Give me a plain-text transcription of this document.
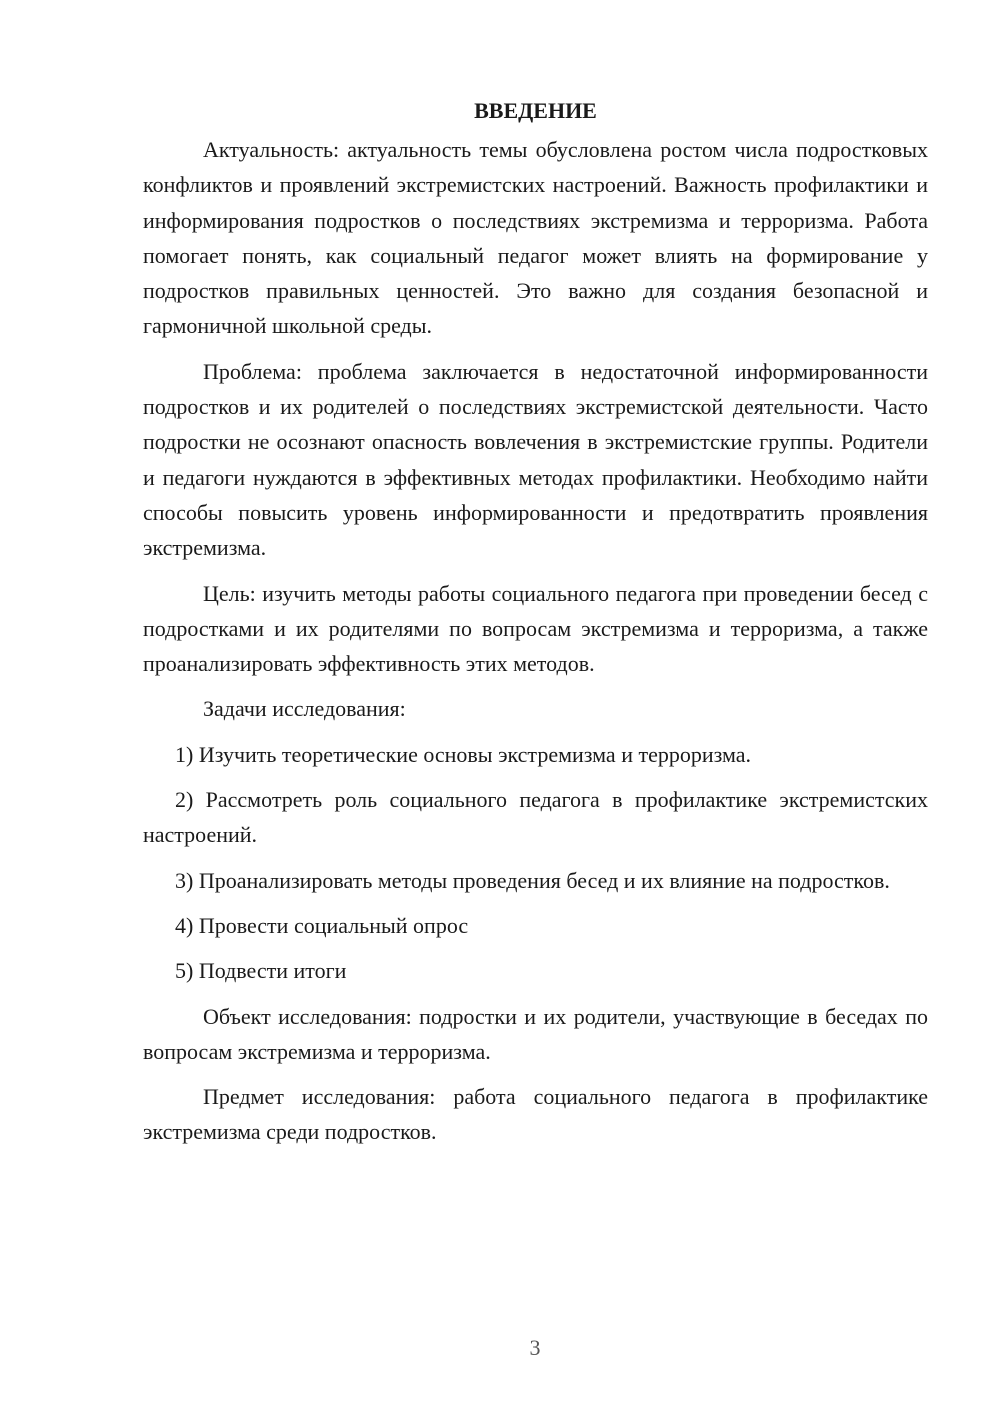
ВВЕДЕНИЕ

Актуальность: актуальность темы обусловлена ростом числа подростковых конфликтов и проявлений экстремистских настроений. Важность профилактики и информирования подростков о последствиях экстремизма и терроризма. Работа помогает понять, как социальный педагог может влиять на формирование у подростков правильных ценностей. Это важно для создания безопасной и гармоничной школьной среды.

Проблема: проблема заключается в недостаточной информированности подростков и их родителей о последствиях экстремистской деятельности. Часто подростки не осознают опасность вовлечения в экстремистские группы. Родители и педагоги нуждаются в эффективных методах профилактики. Необходимо найти способы повысить уровень информированности и предотвратить проявления экстремизма.

Цель: изучить методы работы социального педагога при проведении бесед с подростками и их родителями по вопросам экстремизма и терроризма, а также проанализировать эффективность этих методов.

Задачи исследования:

1) Изучить теоретические основы экстремизма и терроризма.

2) Рассмотреть роль социального педагога в профилактике экстремистских настроений.

3) Проанализировать методы проведения бесед и их влияние на подростков.

4) Провести социальный опрос

5) Подвести итоги

Объект исследования: подростки и их родители, участвующие в беседах по вопросам экстремизма и терроризма.

Предмет исследования: работа социального педагога в профилактике экстремизма среди подростков.

3
